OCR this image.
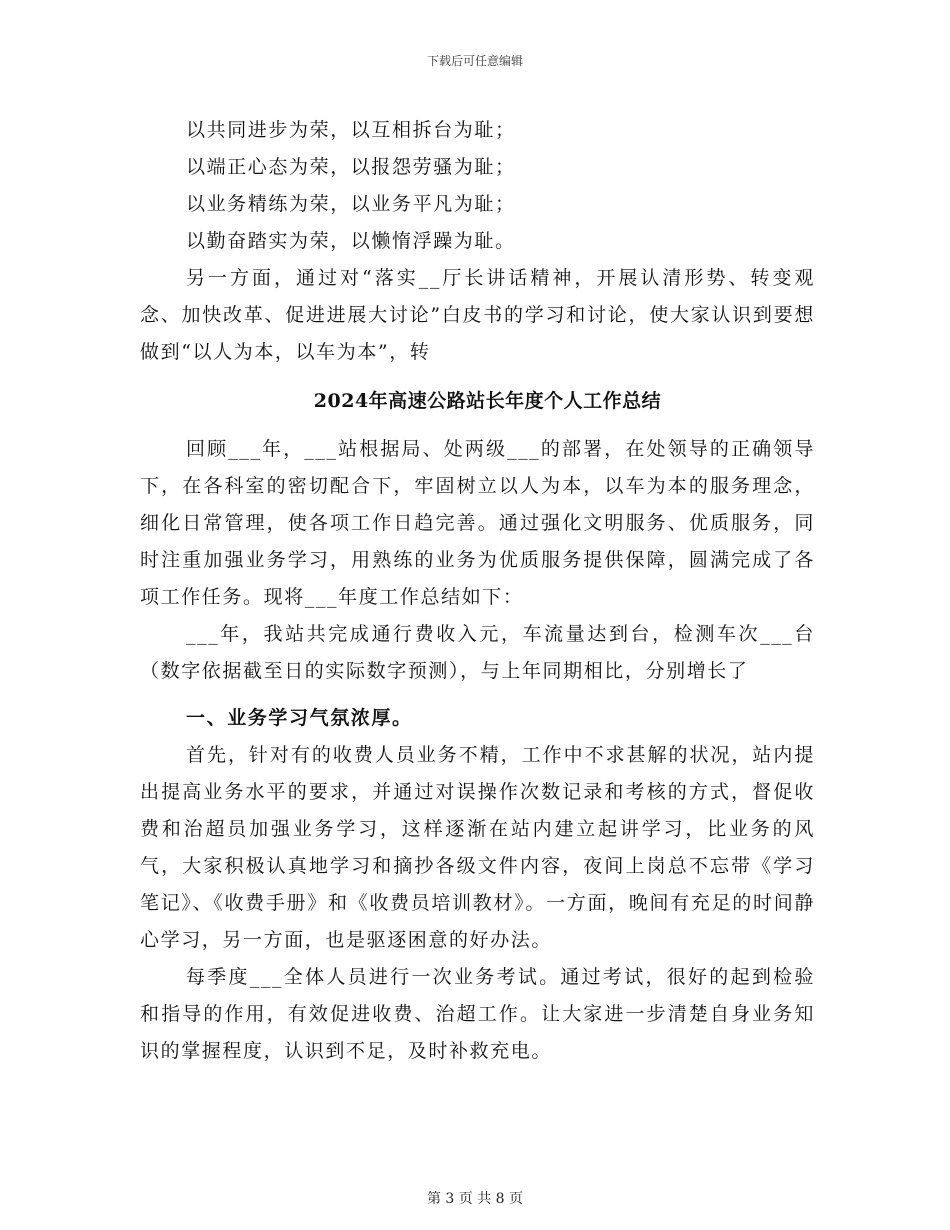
下载后可任意编辑

以共同进步为荣，以互相拆台为耻；

以端正心态为荣，以报怨劳骚为耻；

以业务精练为荣，以业务平凡为耻；

以勤奋踏实为荣，以懒惰浮躁为耻。

另一方面，通过对“落实__厅长讲话精神，开展认清形势、转变观念、加快改革、促进进展大讨论”白皮书的学习和讨论，使大家认识到要想做到“以人为本，以车为本”，转

2024年高速公路站长年度个人工作总结

回顾___年，___站根据局、处两级___的部署，在处领导的正确领导下，在各科室的密切配合下，牢固树立以人为本，以车为本的服务理念，细化日常管理，使各项工作日趋完善。通过强化文明服务、优质服务，同时注重加强业务学习，用熟练的业务为优质服务提供保障，圆满完成了各项工作任务。现将___年度工作总结如下：

___年，我站共完成通行费收入元，车流量达到台，检测车次___台（数字依据截至日的实际数字预测），与上年同期相比，分别增长了

一、业务学习气氛浓厚。

首先，针对有的收费人员业务不精，工作中不求甚解的状况，站内提出提高业务水平的要求，并通过对误操作次数记录和考核的方式，督促收费和治超员加强业务学习，这样逐渐在站内建立起讲学习，比业务的风气，大家积极认真地学习和摘抄各级文件内容，夜间上岗总不忘带《学习笔记》、《收费手册》和《收费员培训教材》。一方面，晚间有充足的时间静心学习，另一方面，也是驱逐困意的好办法。

每季度___全体人员进行一次业务考试。通过考试，很好的起到检验和指导的作用，有效促进收费、治超工作。让大家进一步清楚自身业务知识的掌握程度，认识到不足，及时补救充电。

第 3 页 共 8 页
